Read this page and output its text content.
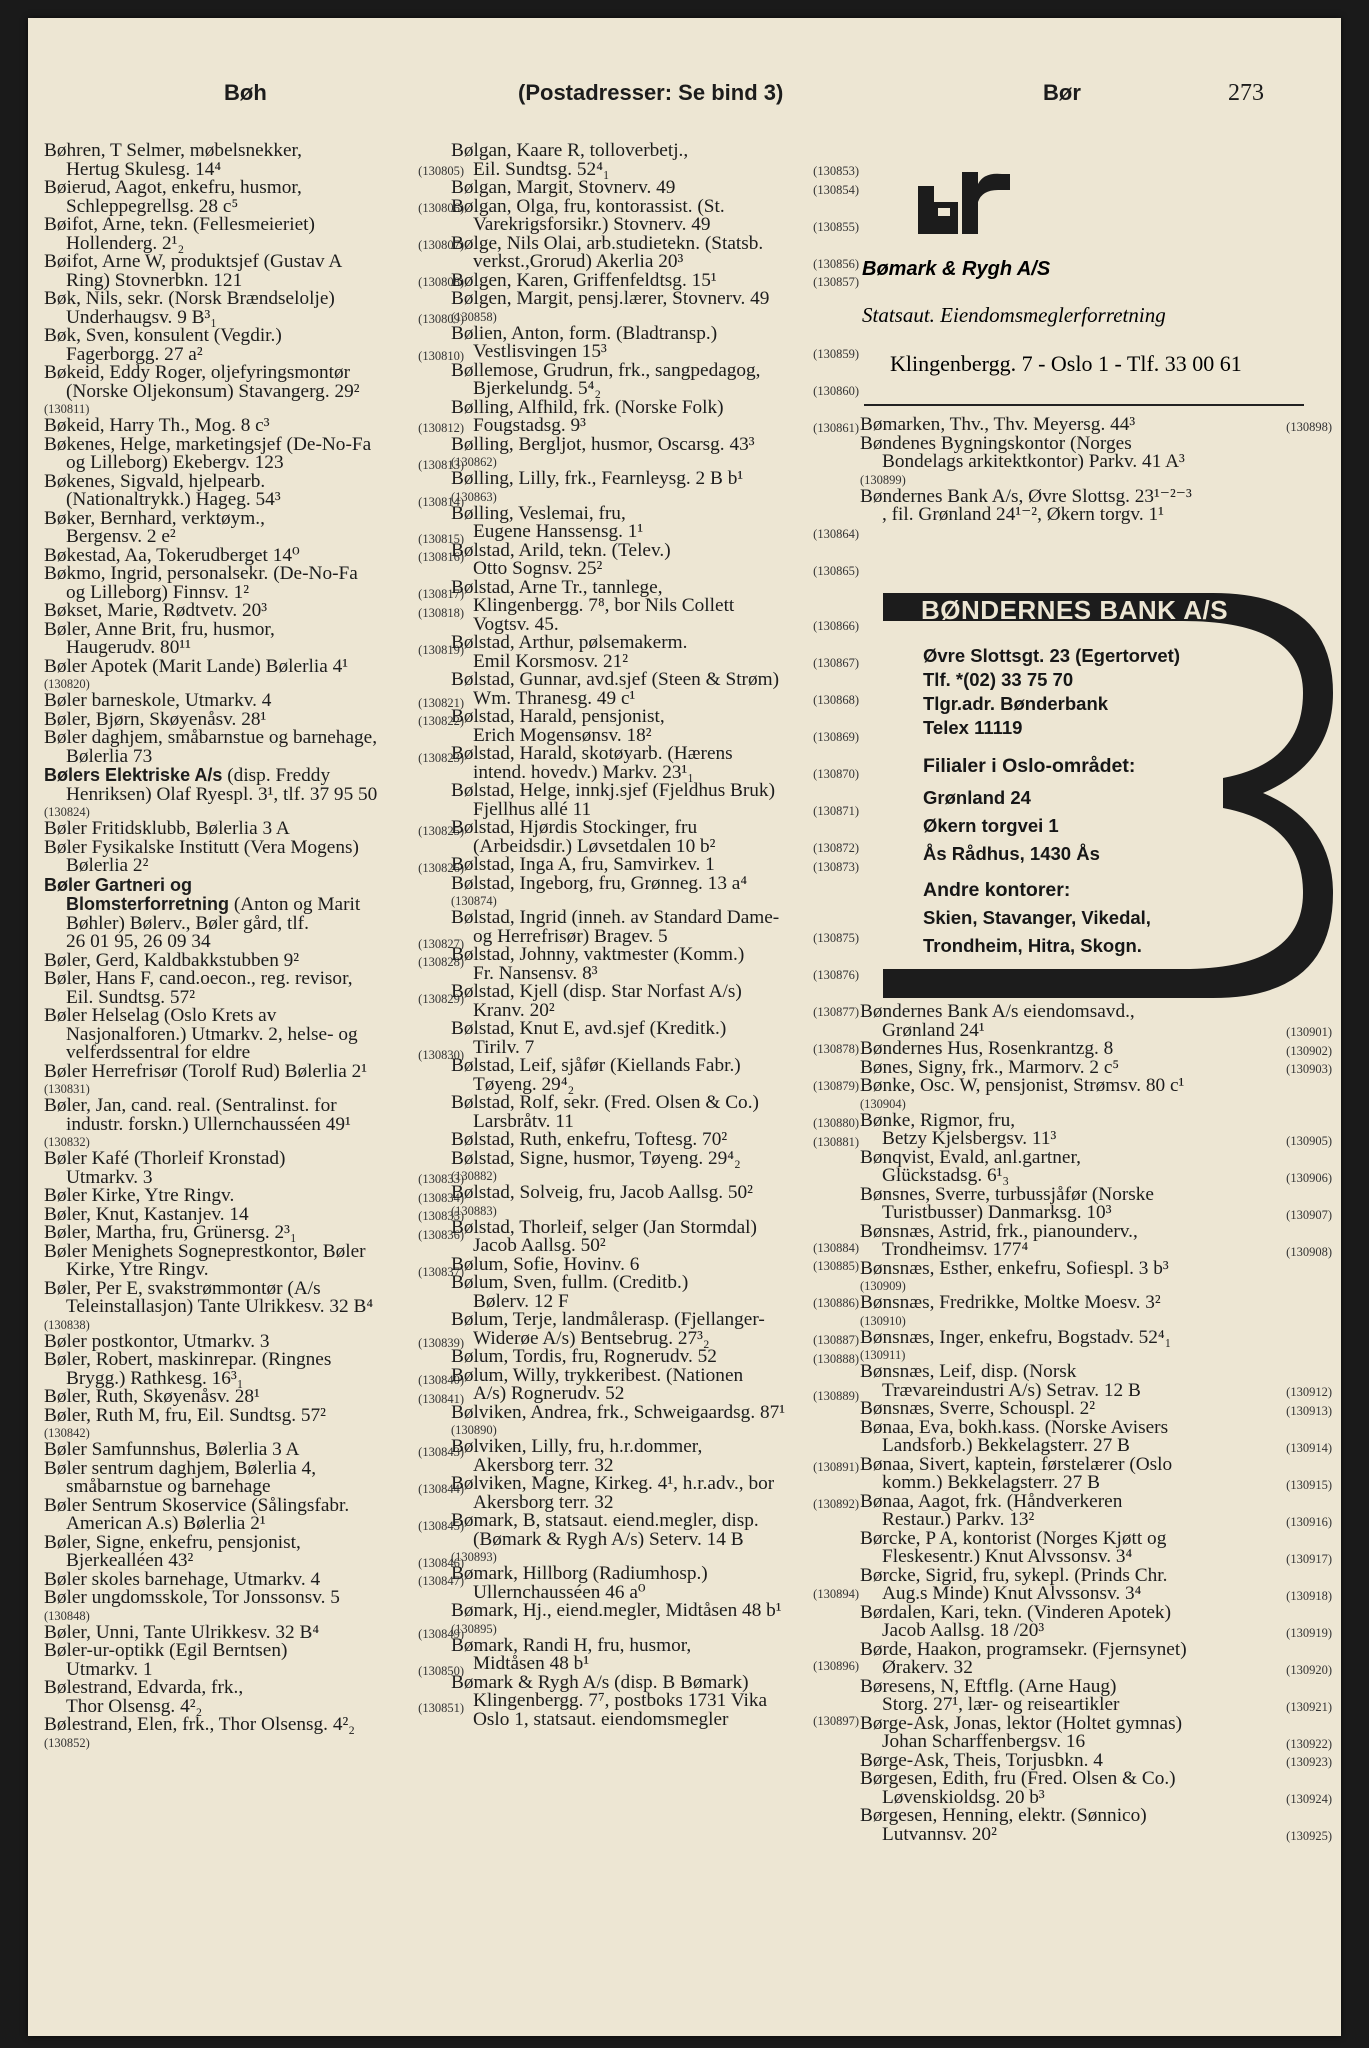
Bøh	(Postadresser: Se bind 3)	Bør	273
Bøhren, T Selmer, møbelsnekker,
Hertug Skulesg. 14⁴	(130805)
Bøierud, Aagot, enkefru, husmor,
Schleppegrellsg. 28 c⁵	(130806)
Bøifot, Arne, tekn. (Fellesmeieriet)
Hollenderg. 2¹₂	(130807)
Bøifot, Arne W, produktsjef (Gustav A
Ring) Stovnerbkn. 121	(130808)
Bøk, Nils, sekr. (Norsk Brændselolje)
Underhaugsv. 9 B³₁	(130809)
Bøk, Sven, konsulent (Vegdir.)
Fagerborgg. 27 a²	(130810)
Bøkeid, Eddy Roger, oljefyringsmontør
(Norske Oljekonsum) Stavangerg. 29²
(130811)
Bøkeid, Harry Th., Mog. 8 c³	(130812)
Bøkenes, Helge, marketingsjef (De-No-Fa
og Lilleborg) Ekebergv. 123	(130813)
Bøkenes, Sigvald, hjelpearb.
(Nationaltrykk.) Hageg. 54³	(130814)
Bøker, Bernhard, verktøym.,
Bergensv. 2 e²	(130815)
Bøkestad, Aa, Tokerudberget 14⁰	(130816)
Bøkmo, Ingrid, personalsekr. (De-No-Fa
og Lilleborg) Finnsv. 1²	(130817)
Bøkset, Marie, Rødtvetv. 20³	(130818)
Bøler, Anne Brit, fru, husmor,
Haugerudv. 80¹¹	(130819)
Bøler Apotek (Marit Lande) Bølerlia 4¹
(130820)
Bøler barneskole, Utmarkv. 4	(130821)
Bøler, Bjørn, Skøyenåsv. 28¹	(130822)
Bøler daghjem, småbarnstue og barnehage,
Bølerlia 73	(130823)
Bølers Elektriske A/s (disp. Freddy
Henriksen) Olaf Ryespl. 3¹, tlf. 37 95 50
(130824)
Bøler Fritidsklubb, Bølerlia 3 A	(130825)
Bøler Fysikalske Institutt (Vera Mogens)
Bølerlia 2²	(130826)
Bøler Gartneri og
Blomsterforretning (Anton og Marit
Bøhler) Bølerv., Bøler gård, tlf.
26 01 95, 26 09 34	(130827)
Bøler, Gerd, Kaldbakkstubben 9²	(130828)
Bøler, Hans F, cand.oecon., reg. revisor,
Eil. Sundtsg. 57²	(130829)
Bøler Helselag (Oslo Krets av
Nasjonalforen.) Utmarkv. 2, helse- og
velferdssentral for eldre	(130830)
Bøler Herrefrisør (Torolf Rud) Bølerlia 2¹
(130831)
Bøler, Jan, cand. real. (Sentralinst. for
industr. forskn.) Ullernchausséen 49¹
(130832)
Bøler Kafé (Thorleif Kronstad)
Utmarkv. 3	(130833)
Bøler Kirke, Ytre Ringv.	(130834)
Bøler, Knut, Kastanjev. 14	(130835)
Bøler, Martha, fru, Grünersg. 2³₁	(130836)
Bøler Menighets Sogneprestkontor, Bøler
Kirke, Ytre Ringv.	(130837)
Bøler, Per E, svakstrømmontør (A/s
Teleinstallasjon) Tante Ulrikkesv. 32 B⁴
(130838)
Bøler postkontor, Utmarkv. 3	(130839)
Bøler, Robert, maskinrepar. (Ringnes
Brygg.) Rathkesg. 16³₁	(130840)
Bøler, Ruth, Skøyenåsv. 28¹	(130841)
Bøler, Ruth M, fru, Eil. Sundtsg. 57²
(130842)
Bøler Samfunnshus, Bølerlia 3 A	(130843)
Bøler sentrum daghjem, Bølerlia 4,
småbarnstue og barnehage	(130844)
Bøler Sentrum Skoservice (Sålingsfabr.
American A.s) Bølerlia 2¹	(130845)
Bøler, Signe, enkefru, pensjonist,
Bjerkealléen 43²	(130846)
Bøler skoles barnehage, Utmarkv. 4	(130847)
Bøler ungdomsskole, Tor Jonssonsv. 5
(130848)
Bøler, Unni, Tante Ulrikkesv. 32 B⁴	(130849)
Bøler-ur-optikk (Egil Berntsen)
Utmarkv. 1	(130850)
Bølestrand, Edvarda, frk.,
Thor Olsensg. 4²₂	(130851)
Bølestrand, Elen, frk., Thor Olsensg. 4²₂
(130852)
Bølgan, Kaare R, tolloverbetj.,
Eil. Sundtsg. 52⁴₁	(130853)
Bølgan, Margit, Stovnerv. 49	(130854)
Bølgan, Olga, fru, kontorassist. (St.
Varekrigsforsikr.) Stovnerv. 49	(130855)
Bølge, Nils Olai, arb.studietekn. (Statsb.
verkst.,Grorud) Akerlia 20³	(130856)
Bølgen, Karen, Griffenfeldtsg. 15¹	(130857)
Bølgen, Margit, pensj.lærer, Stovnerv. 49
(130858)
Bølien, Anton, form. (Bladtransp.)
Vestlisvingen 15³	(130859)
Bøllemose, Grudrun, frk., sangpedagog,
Bjerkelundg. 5⁴₂	(130860)
Bølling, Alfhild, frk. (Norske Folk)
Fougstadsg. 9³	(130861)
Bølling, Bergljot, husmor, Oscarsg. 43³
(130862)
Bølling, Lilly, frk., Fearnleysg. 2 B b¹
(130863)
Bølling, Veslemai, fru,
Eugene Hanssensg. 1¹	(130864)
Bølstad, Arild, tekn. (Telev.)
Otto Sognsv. 25²	(130865)
Bølstad, Arne Tr., tannlege,
Klingenbergg. 7⁸, bor Nils Collett
Vogtsv. 45.	(130866)
Bølstad, Arthur, pølsemakerm.
Emil Korsmosv. 21²	(130867)
Bølstad, Gunnar, avd.sjef (Steen & Strøm)
Wm. Thranesg. 49 c¹	(130868)
Bølstad, Harald, pensjonist,
Erich Mogensønsv. 18²	(130869)
Bølstad, Harald, skotøyarb. (Hærens
intend. hovedv.) Markv. 23¹₁	(130870)
Bølstad, Helge, innkj.sjef (Fjeldhus Bruk)
Fjellhus allé 11	(130871)
Bølstad, Hjørdis Stockinger, fru
(Arbeidsdir.) Løvsetdalen 10 b²	(130872)
Bølstad, Inga A, fru, Samvirkev. 1	(130873)
Bølstad, Ingeborg, fru, Grønneg. 13 a⁴
(130874)
Bølstad, Ingrid (inneh. av Standard Dame-
og Herrefrisør) Bragev. 5	(130875)
Bølstad, Johnny, vaktmester (Komm.)
Fr. Nansensv. 8³	(130876)
Bølstad, Kjell (disp. Star Norfast A/s)
Kranv. 20²	(130877)
Bølstad, Knut E, avd.sjef (Kreditk.)
Tirilv. 7	(130878)
Bølstad, Leif, sjåfør (Kiellands Fabr.)
Tøyeng. 29⁴₂	(130879)
Bølstad, Rolf, sekr. (Fred. Olsen & Co.)
Larsbråtv. 11	(130880)
Bølstad, Ruth, enkefru, Toftesg. 70²	(130881)
Bølstad, Signe, husmor, Tøyeng. 29⁴₂
(130882)
Bølstad, Solveig, fru, Jacob Aallsg. 50²
(130883)
Bølstad, Thorleif, selger (Jan Stormdal)
Jacob Aallsg. 50²	(130884)
Bølum, Sofie, Hovinv. 6	(130885)
Bølum, Sven, fullm. (Creditb.)
Bølerv. 12 F	(130886)
Bølum, Terje, landmålerasp. (Fjellanger-
Widerøe A/s) Bentsebrug. 27³₂	(130887)
Bølum, Tordis, fru, Rognerudv. 52	(130888)
Bølum, Willy, trykkeribest. (Nationen
A/s) Rognerudv. 52	(130889)
Bølviken, Andrea, frk., Schweigaardsg. 87¹
(130890)
Bølviken, Lilly, fru, h.r.dommer,
Akersborg terr. 32	(130891)
Bølviken, Magne, Kirkeg. 4¹, h.r.adv., bor
Akersborg terr. 32	(130892)
Bømark, B, statsaut. eiend.megler, disp.
(Bømark & Rygh A/s) Seterv. 14 B
(130893)
Bømark, Hillborg (Radiumhosp.)
Ullernchausséen 46 a⁰	(130894)
Bømark, Hj., eiend.megler, Midtåsen 48 b¹
(130895)
Bømark, Randi H, fru, husmor,
Midtåsen 48 b¹	(130896)
Bømark & Rygh A/s (disp. B Bømark)
Klingenbergg. 7⁷, postboks 1731 Vika
Oslo 1, statsaut. eiendomsmegler	(130897)
Bømark & Rygh A/S
Statsaut. Eiendomsmeglerforretning
Klingenbergg. 7 - Oslo 1 - Tlf. 33 00 61
Bømarken, Thv., Thv. Meyersg. 44³	(130898)
Bøndenes Bygningskontor (Norges
Bondelags arkitektkontor) Parkv. 41 A³
(130899)
Bøndernes Bank A/s, Øvre Slottsg. 23¹⁻²⁻³
, fil. Grønland 24¹⁻², Økern torgv. 1¹
BØNDERNES BANK A/S
Øvre Slottsgt. 23 (Egertorvet)
Tlf. *(02) 33 75 70
Tlgr.adr. Bønderbank
Telex 11119
Filialer i Oslo-området:
Grønland 24
Økern torgvei 1
Ås Rådhus, 1430 Ås
Andre kontorer:
Skien, Stavanger, Vikedal,
Trondheim, Hitra, Skogn.
Bøndernes Bank A/s eiendomsavd.,
Grønland 24¹	(130901)
Bøndernes Hus, Rosenkrantzg. 8	(130902)
Bønes, Signy, frk., Marmorv. 2 c⁵	(130903)
Bønke, Osc. W, pensjonist, Strømsv. 80 c¹
(130904)
Bønke, Rigmor, fru,
Betzy Kjelsbergsv. 11³	(130905)
Bønqvist, Evald, anl.gartner,
Glückstadsg. 6¹₃	(130906)
Bønsnes, Sverre, turbussjåfør (Norske
Turistbusser) Danmarksg. 10³	(130907)
Bønsnæs, Astrid, frk., pianounderv.,
Trondheimsv. 177⁴	(130908)
Bønsnæs, Esther, enkefru, Sofiespl. 3 b³
(130909)
Bønsnæs, Fredrikke, Moltke Moesv. 3²
(130910)
Bønsnæs, Inger, enkefru, Bogstadv. 52⁴₁
(130911)
Bønsnæs, Leif, disp. (Norsk
Trævareindustri A/s) Setrav. 12 B	(130912)
Bønsnæs, Sverre, Schouspl. 2²	(130913)
Bønaa, Eva, bokh.kass. (Norske Avisers
Landsforb.) Bekkelagsterr. 27 B	(130914)
Bønaa, Sivert, kaptein, førstelærer (Oslo
komm.) Bekkelagsterr. 27 B	(130915)
Bønaa, Aagot, frk. (Håndverkeren
Restaur.) Parkv. 13²	(130916)
Børcke, P A, kontorist (Norges Kjøtt og
Fleskesentr.) Knut Alvssonsv. 3⁴	(130917)
Børcke, Sigrid, fru, sykepl. (Prinds Chr.
Aug.s Minde) Knut Alvssonsv. 3⁴	(130918)
Børdalen, Kari, tekn. (Vinderen Apotek)
Jacob Aallsg. 18 /20³	(130919)
Børde, Haakon, programsekr. (Fjernsynet)
Ørakerv. 32	(130920)
Børesens, N, Eftflg. (Arne Haug)
Storg. 27¹, lær- og reiseartikler	(130921)
Børge-Ask, Jonas, lektor (Holtet gymnas)
Johan Scharffenbergsv. 16	(130922)
Børge-Ask, Theis, Torjusbkn. 4	(130923)
Børgesen, Edith, fru (Fred. Olsen & Co.)
Løvenskioldsg. 20 b³	(130924)
Børgesen, Henning, elektr. (Sønnico)
Lutvannsv. 20²	(130925)
